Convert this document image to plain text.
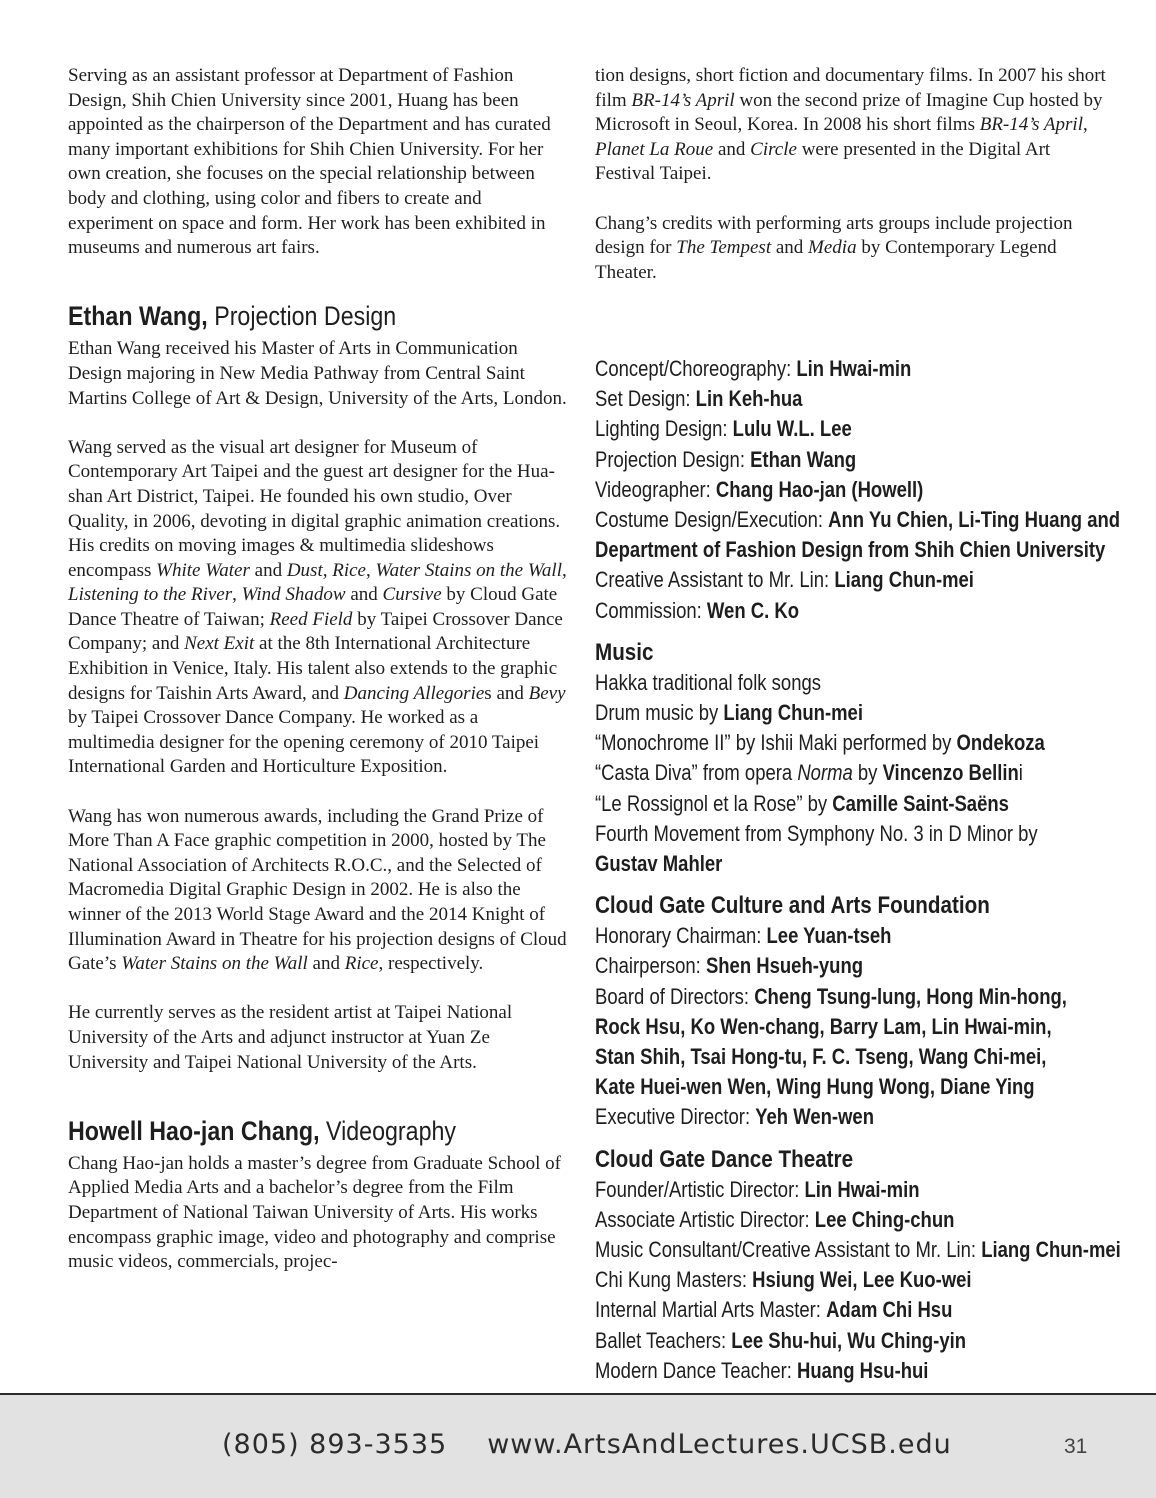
Serving as an assistant professor at Department of Fashion Design, Shih Chien University since 2001, Huang has been appointed as the chairperson of the Department and has curated many important exhibitions for Shih Chien University. For her own creation, she focuses on the special relationship between body and clothing, using color and fibers to create and experiment on space and form. Her work has been exhibited in museums and numerous art fairs.

Ethan Wang, Projection Design

Ethan Wang received his Master of Arts in Communication Design majoring in New Media Pathway from Central Saint Martins College of Art & Design, University of the Arts, London.

Wang served as the visual art designer for Museum of Contemporary Art Taipei and the guest art designer for the Hua-shan Art District, Taipei. He founded his own studio, Over Quality, in 2006, devoting in digital graphic animation creations. His credits on moving images & multimedia slideshows encompass White Water and Dust, Rice, Water Stains on the Wall, Listening to the River, Wind Shadow and Cursive by Cloud Gate Dance Theatre of Taiwan; Reed Field by Taipei Crossover Dance Company; and Next Exit at the 8th International Architecture Exhibition in Venice, Italy. His talent also extends to the graphic designs for Taishin Arts Award, and Dancing Allegories and Bevy by Taipei Crossover Dance Company. He worked as a multimedia designer for the opening ceremony of 2010 Taipei International Garden and Horticulture Exposition.

Wang has won numerous awards, including the Grand Prize of More Than A Face graphic competition in 2000, hosted by The National Association of Architects R.O.C., and the Selected of Macromedia Digital Graphic Design in 2002. He is also the winner of the 2013 World Stage Award and the 2014 Knight of Illumination Award in Theatre for his projection designs of Cloud Gate’s Water Stains on the Wall and Rice, respectively.

He currently serves as the resident artist at Taipei National University of the Arts and adjunct instructor at Yuan Ze University and Taipei National University of the Arts.

Howell Hao-jan Chang, Videography

Chang Hao-jan holds a master’s degree from Graduate School of Applied Media Arts and a bachelor’s degree from the Film Department of National Taiwan University of Arts. His works encompass graphic image, video and photography and comprise music videos, commercials, projec-

tion designs, short fiction and documentary films. In 2007 his short film BR-14’s April won the second prize of Imagine Cup hosted by Microsoft in Seoul, Korea. In 2008 his short films BR-14’s April, Planet La Roue and Circle were presented in the Digital Art Festival Taipei.

Chang’s credits with performing arts groups include projection design for The Tempest and Media by Contemporary Legend Theater.

Concept/Choreography: Lin Hwai-min
Set Design: Lin Keh-hua
Lighting Design: Lulu W.L. Lee
Projection Design: Ethan Wang
Videographer: Chang Hao-jan (Howell)
Costume Design/Execution: Ann Yu Chien, Li-Ting Huang and
Department of Fashion Design from Shih Chien University
Creative Assistant to Mr. Lin: Liang Chun-mei
Commission: Wen C. Ko
Music
Hakka traditional folk songs
Drum music by Liang Chun-mei
“Monochrome II” by Ishii Maki performed by Ondekoza
“Casta Diva” from opera Norma by Vincenzo Bellini
“Le Rossignol et la Rose” by Camille Saint-Saëns
Fourth Movement from Symphony No. 3 in D Minor by
Gustav Mahler
Cloud Gate Culture and Arts Foundation
Honorary Chairman: Lee Yuan-tseh
Chairperson: Shen Hsueh-yung
Board of Directors: Cheng Tsung-lung, Hong Min-hong,
Rock Hsu, Ko Wen-chang, Barry Lam, Lin Hwai-min,
Stan Shih, Tsai Hong-tu, F. C. Tseng, Wang Chi-mei,
Kate Huei-wen Wen, Wing Hung Wong, Diane Ying
Executive Director: Yeh Wen-wen
Cloud Gate Dance Theatre
Founder/Artistic Director: Lin Hwai-min
Associate Artistic Director: Lee Ching-chun
Music Consultant/Creative Assistant to Mr. Lin: Liang Chun-mei
Chi Kung Masters: Hsiung Wei, Lee Kuo-wei
Internal Martial Arts Master: Adam Chi Hsu
Ballet Teachers: Lee Shu-hui, Wu Ching-yin
Modern Dance Teacher: Huang Hsu-hui
(805) 893-3535 www.ArtsAndLectures.UCSB.edu	31
